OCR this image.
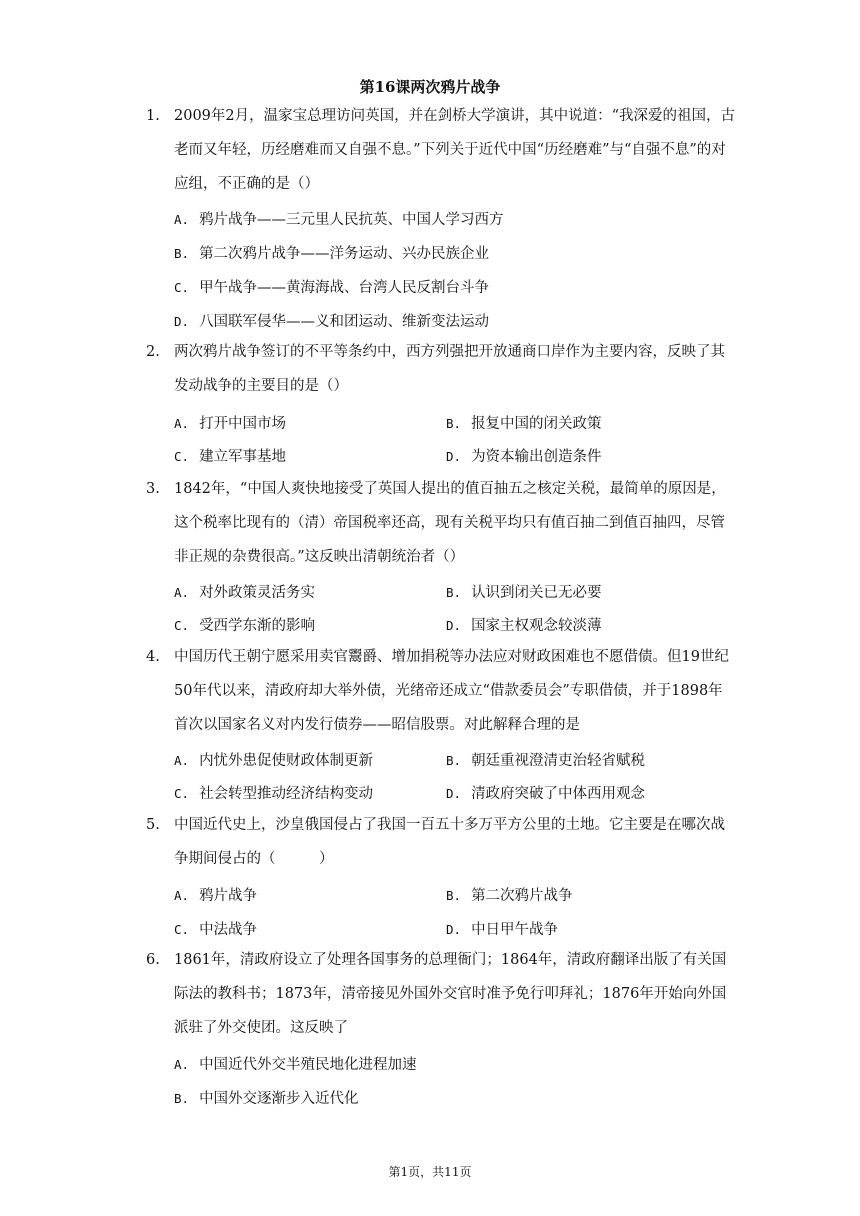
第16课两次鸦片战争
1. 2009年2月，温家宝总理访问英国，并在剑桥大学演讲，其中说道：“我深爱的祖国，古老而又年轻，历经磨难而又自强不息。”下列关于近代中国“历经磨难”与“自强不息”的对应组，不正确的是（）
A. 鸦片战争——三元里人民抗英、中国人学习西方
B. 第二次鸦片战争——洋务运动、兴办民族企业
C. 甲午战争——黄海海战、台湾人民反割台斗争
D. 八国联军侵华——义和团运动、维新变法运动
2. 两次鸦片战争签订的不平等条约中，西方列强把开放通商口岸作为主要内容，反映了其发动战争的主要目的是（）
A. 打开中国市场	B. 报复中国的闭关政策
C. 建立军事基地	D. 为资本输出创造条件
3. 1842年，“中国人爽快地接受了英国人提出的值百抽五之核定关税，最简单的原因是，这个税率比现有的（清）帝国税率还高，现有关税平均只有值百抽二到值百抽四，尽管非正规的杂费很高。”这反映出清朝统治者（）
A. 对外政策灵活务实	B. 认识到闭关已无必要
C. 受西学东渐的影响	D. 国家主权观念较淡薄
4. 中国历代王朝宁愿采用卖官鬻爵、增加捐税等办法应对财政困难也不愿借债。但19世纪50年代以来，清政府却大举外债，光绪帝还成立“借款委员会”专职借债，并于1898年首次以国家名义对内发行债券——昭信股票。对此解释合理的是
A. 内忧外患促使财政体制更新	B. 朝廷重视澄清吏治轻省赋税
C. 社会转型推动经济结构变动	D. 清政府突破了中体西用观念
5. 中国近代史上，沙皇俄国侵占了我国一百五十多万平方公里的土地。它主要是在哪次战争期间侵占的（　　　）
A. 鸦片战争	B. 第二次鸦片战争
C. 中法战争	D. 中日甲午战争
6. 1861年，清政府设立了处理各国事务的总理衙门；1864年，清政府翻译出版了有关国际法的教科书；1873年，清帝接见外国外交官时准予免行叩拜礼；1876年开始向外国派驻了外交使团。这反映了
A. 中国近代外交半殖民地化进程加速
B. 中国外交逐渐步入近代化
第1页，共11页
